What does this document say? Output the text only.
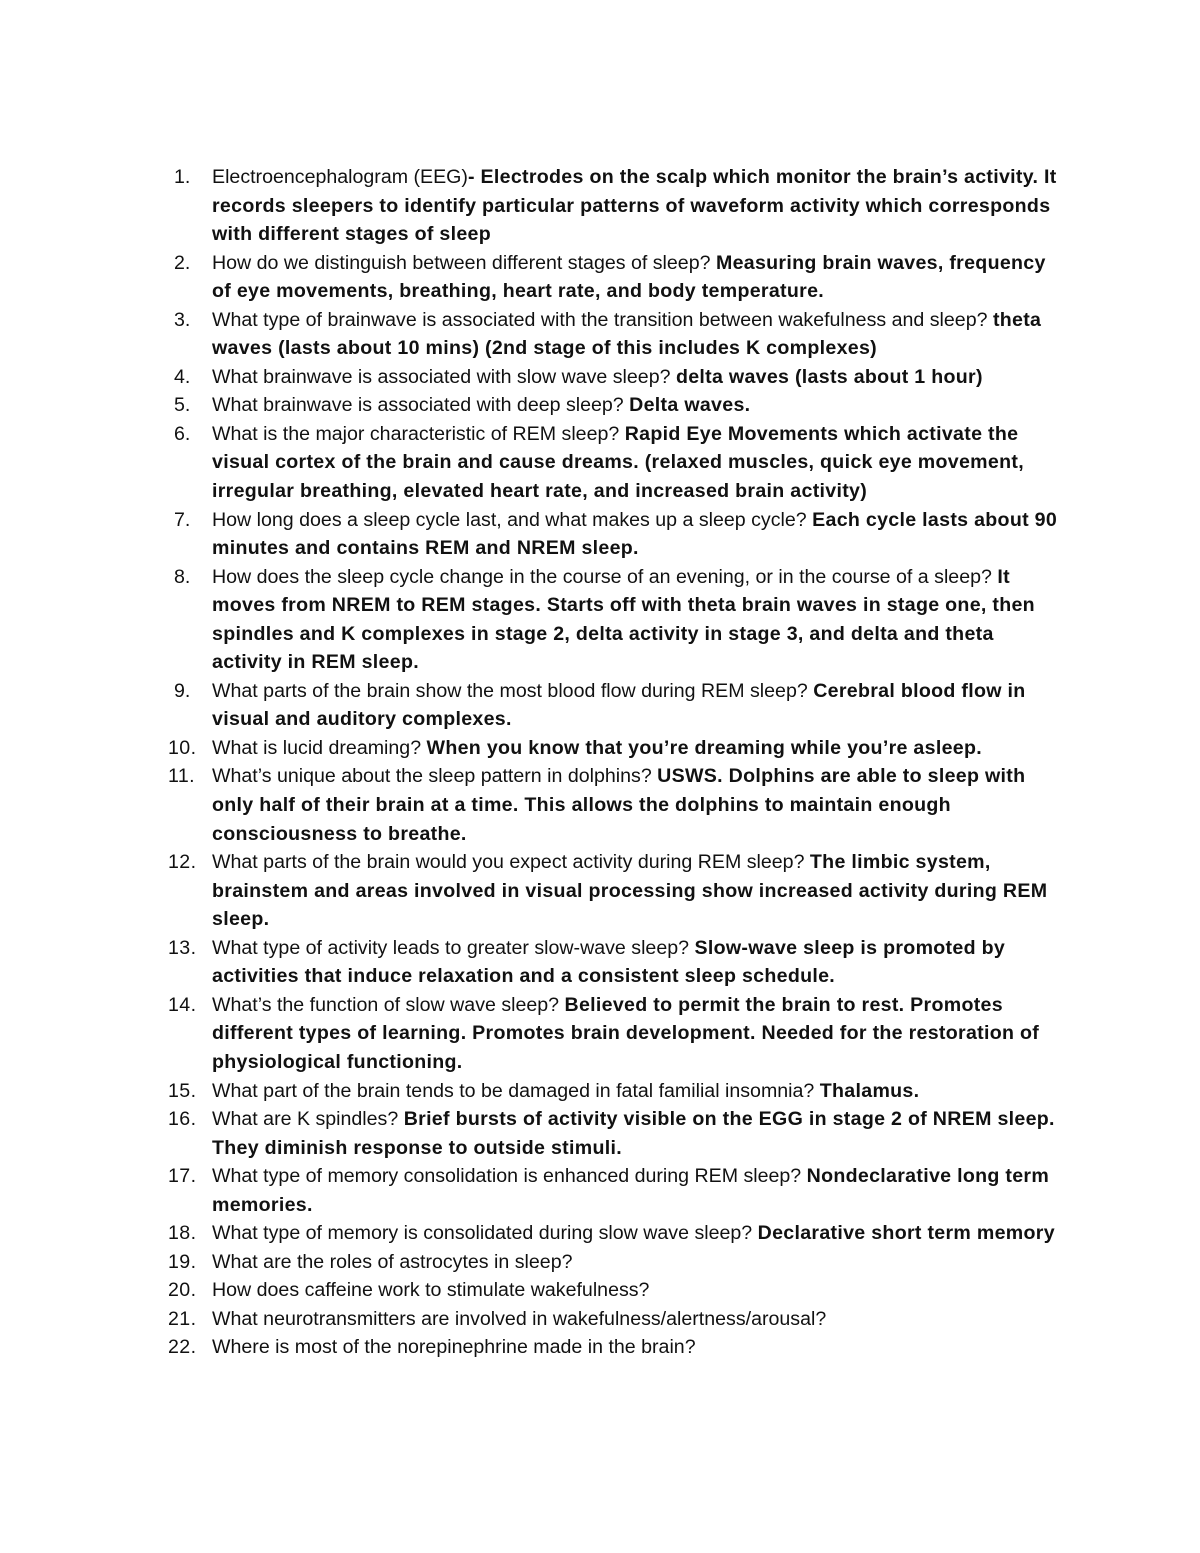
1. Electroencephalogram (EEG)- Electrodes on the scalp which monitor the brain’s activity. It records sleepers to identify particular patterns of waveform activity which corresponds with different stages of sleep
2. How do we distinguish between different stages of sleep? Measuring brain waves, frequency of eye movements, breathing, heart rate, and body temperature.
3. What type of brainwave is associated with the transition between wakefulness and sleep? theta waves (lasts about 10 mins) (2nd stage of this includes K complexes)
4. What brainwave is associated with slow wave sleep? delta waves (lasts about 1 hour)
5. What brainwave is associated with deep sleep? Delta waves.
6. What is the major characteristic of REM sleep? Rapid Eye Movements which activate the visual cortex of the brain and cause dreams. (relaxed muscles, quick eye movement, irregular breathing, elevated heart rate, and increased brain activity)
7. How long does a sleep cycle last, and what makes up a sleep cycle? Each cycle lasts about 90 minutes and contains REM and NREM sleep.
8. How does the sleep cycle change in the course of an evening, or in the course of a sleep? It moves from NREM to REM stages. Starts off with theta brain waves in stage one, then spindles and K complexes in stage 2, delta activity in stage 3, and delta and theta activity in REM sleep.
9. What parts of the brain show the most blood flow during REM sleep? Cerebral blood flow in visual and auditory complexes.
10. What is lucid dreaming? When you know that you’re dreaming while you’re asleep.
11. What’s unique about the sleep pattern in dolphins? USWS. Dolphins are able to sleep with only half of their brain at a time. This allows the dolphins to maintain enough consciousness to breathe.
12. What parts of the brain would you expect activity during REM sleep? The limbic system, brainstem and areas involved in visual processing show increased activity during REM sleep.
13. What type of activity leads to greater slow-wave sleep? Slow-wave sleep is promoted by activities that induce relaxation and a consistent sleep schedule.
14. What’s the function of slow wave sleep? Believed to permit the brain to rest. Promotes different types of learning. Promotes brain development. Needed for the restoration of physiological functioning.
15. What part of the brain tends to be damaged in fatal familial insomnia? Thalamus.
16. What are K spindles? Brief bursts of activity visible on the EGG in stage 2 of NREM sleep. They diminish response to outside stimuli.
17. What type of memory consolidation is enhanced during REM sleep? Nondeclarative long term memories.
18. What type of memory is consolidated during slow wave sleep? Declarative short term memory
19. What are the roles of astrocytes in sleep?
20. How does caffeine work to stimulate wakefulness?
21. What neurotransmitters are involved in wakefulness/alertness/arousal?
22. Where is most of the norepinephrine made in the brain?
